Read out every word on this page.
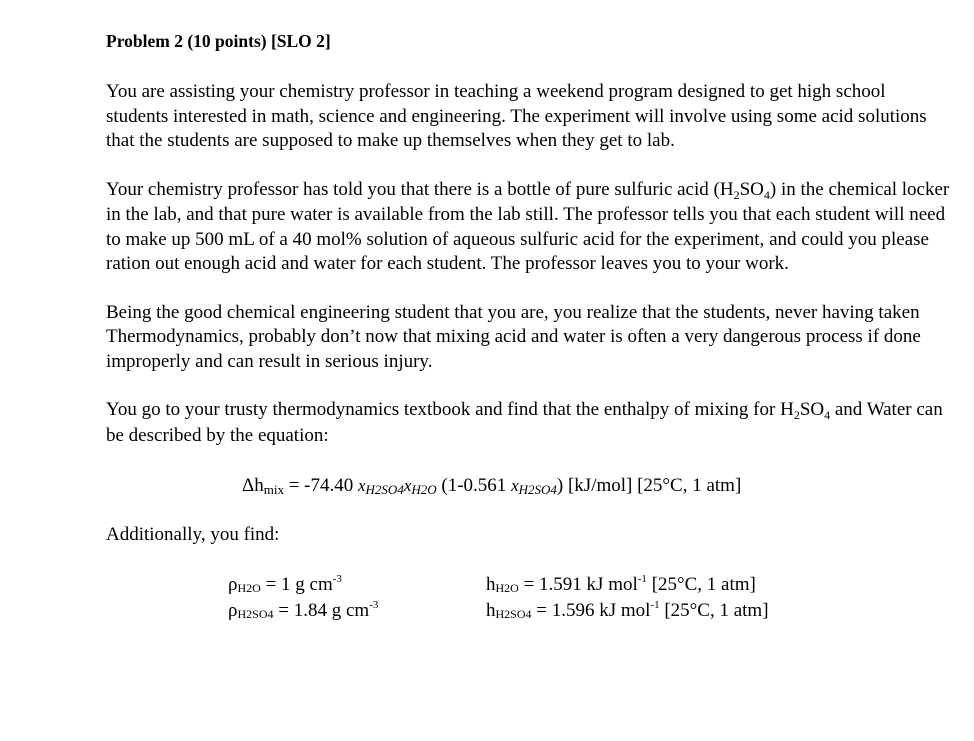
Problem 2 (10 points) [SLO 2]

You are assisting your chemistry professor in teaching a weekend program designed to get high school students interested in math, science and engineering. The experiment will involve using some acid solutions that the students are supposed to make up themselves when they get to lab.

Your chemistry professor has told you that there is a bottle of pure sulfuric acid $(H_2SO_4)$ in the chemical locker in the lab, and that pure water is available from the lab still. The professor tells you that each student will need to make up 500 mL of a 40 mol% solution of aqueous sulfuric acid for the experiment, and could you please ration out enough acid and water for each student. The professor leaves you to your work.

Being the good chemical engineering student that you are, you realize that the students, never having taken Thermodynamics, probably don’t now that mixing acid and water is often a very dangerous process if done improperly and can result in serious injury.

You go to your trusty thermodynamics textbook and find that the enthalpy of mixing for $H_2SO_4$ and Water can be described by the equation:

Δhmix = -74.40 xH2SO4xH2O (1-0.561 xH2SO4) [kJ/mol] [25°C, 1 atm]
Additionally, you find:
ρH2O = 1 g $cm^{-3}$
ρH2SO4 = 1.84 g $cm^{-3}$
hH2O = 1.591 kJ mol$^{-1}$ [25°C, 1 atm]
hH2SO4 = 1.596 kJ mol$^{-1}$ [25°C, 1 atm]
